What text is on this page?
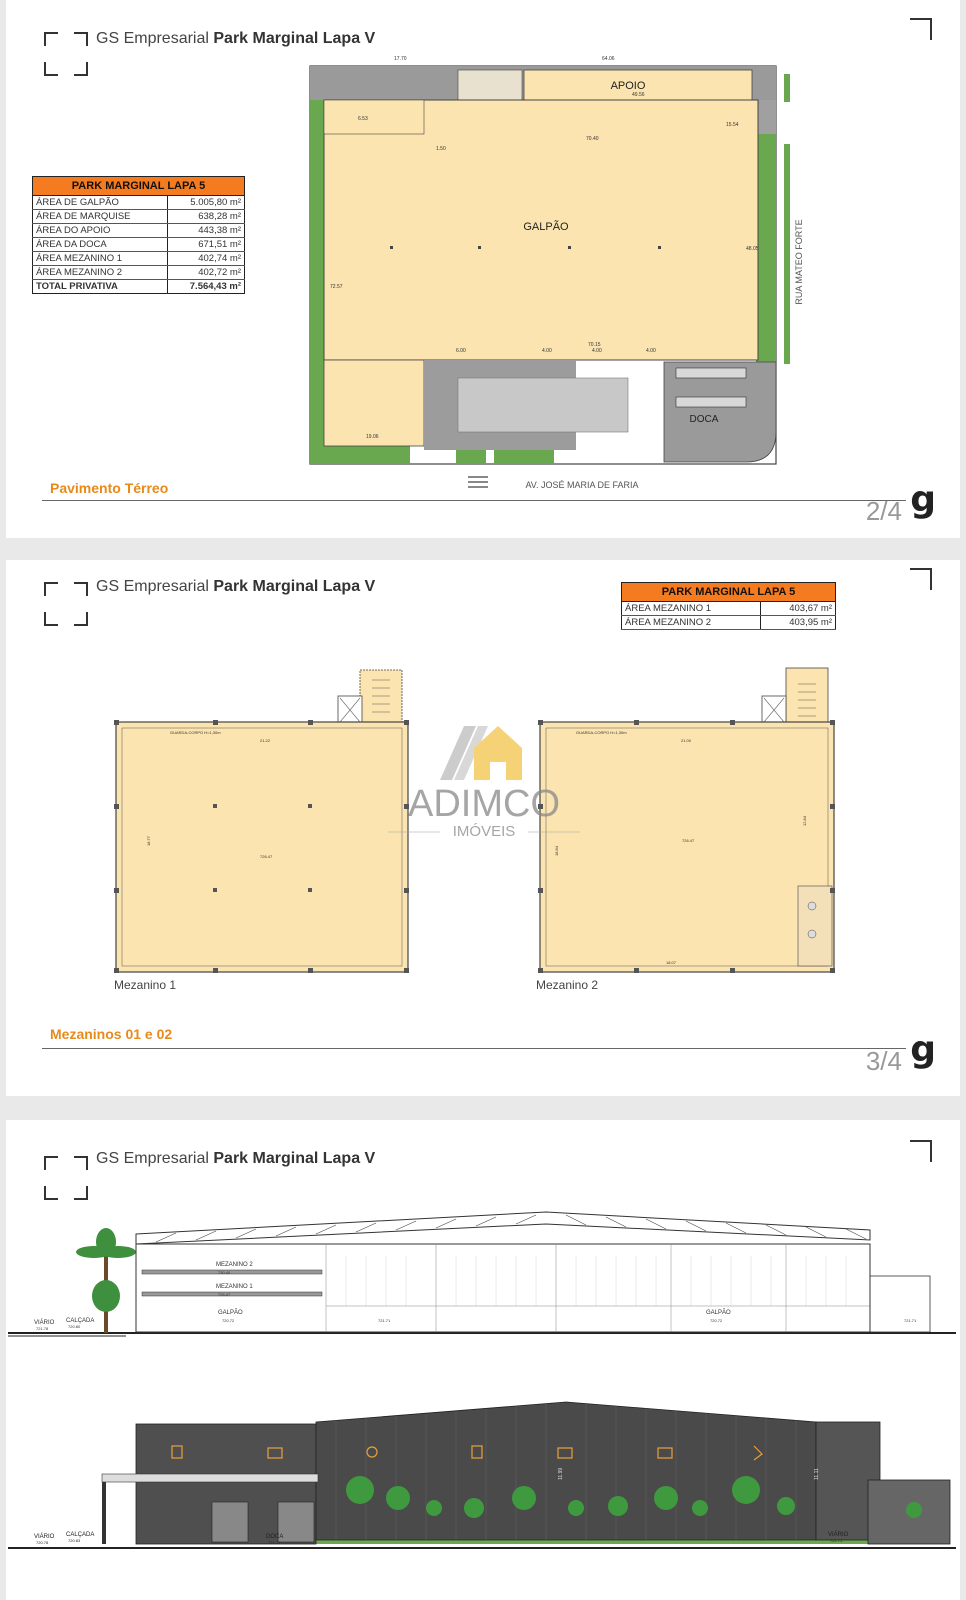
GS Empresarial Park Marginal Lapa V
PARK MARGINAL LAPA 5	
ÁREA DE GALPÃO	5.005,80 m²
ÁREA DE MARQUISE	638,28 m²
ÁREA DO APOIO	443,38 m²
ÁREA DA DOCA	671,51 m²
ÁREA MEZANINO 1	402,74 m²
ÁREA MEZANINO 2	402,72 m²
TOTAL PRIVATIVA	7.564,43 m²
APOIO
GALPÃO
DOCA
17.70	64.06
49.56
6.53
70.40
72.57
48.05
70.15
19.06
6.00	4.00	4.00	4.00
1.50
15.54
RUA MATEO FORTE
AV. JOSÉ MARIA DE FARIA
Pavimento Térreo
2/4 g
GS Empresarial Park Marginal Lapa V	PARK MARGINAL LAPA 5	
ÁREA MEZANINO 1	403,67 m²
ÁREA MEZANINO 2	403,95 m²
GUARDA-CORPO H=1,30m
21.22
18.77
726.47
Mezanino 1
GUARDA-CORPO H=1,30m
21.00
18.84
12.84
18.07
726.47
Mezanino 2
ADIMCO
IMÓVEIS
Mezaninos 01 e 02
3/4 g
GS Empresarial Park Marginal Lapa V
MEZANINO 2
730.40
MEZANINO 1
726.47
GALPÃO
720.72
GALPÃO
720.72
721.71	721.71
VIÁRIO
721.78
CALÇADA
720.80
DOCA
721.71
VIÁRIO
720.78
CALÇADA
720.83
VIÁRIO
721.71
11.99	11.11
